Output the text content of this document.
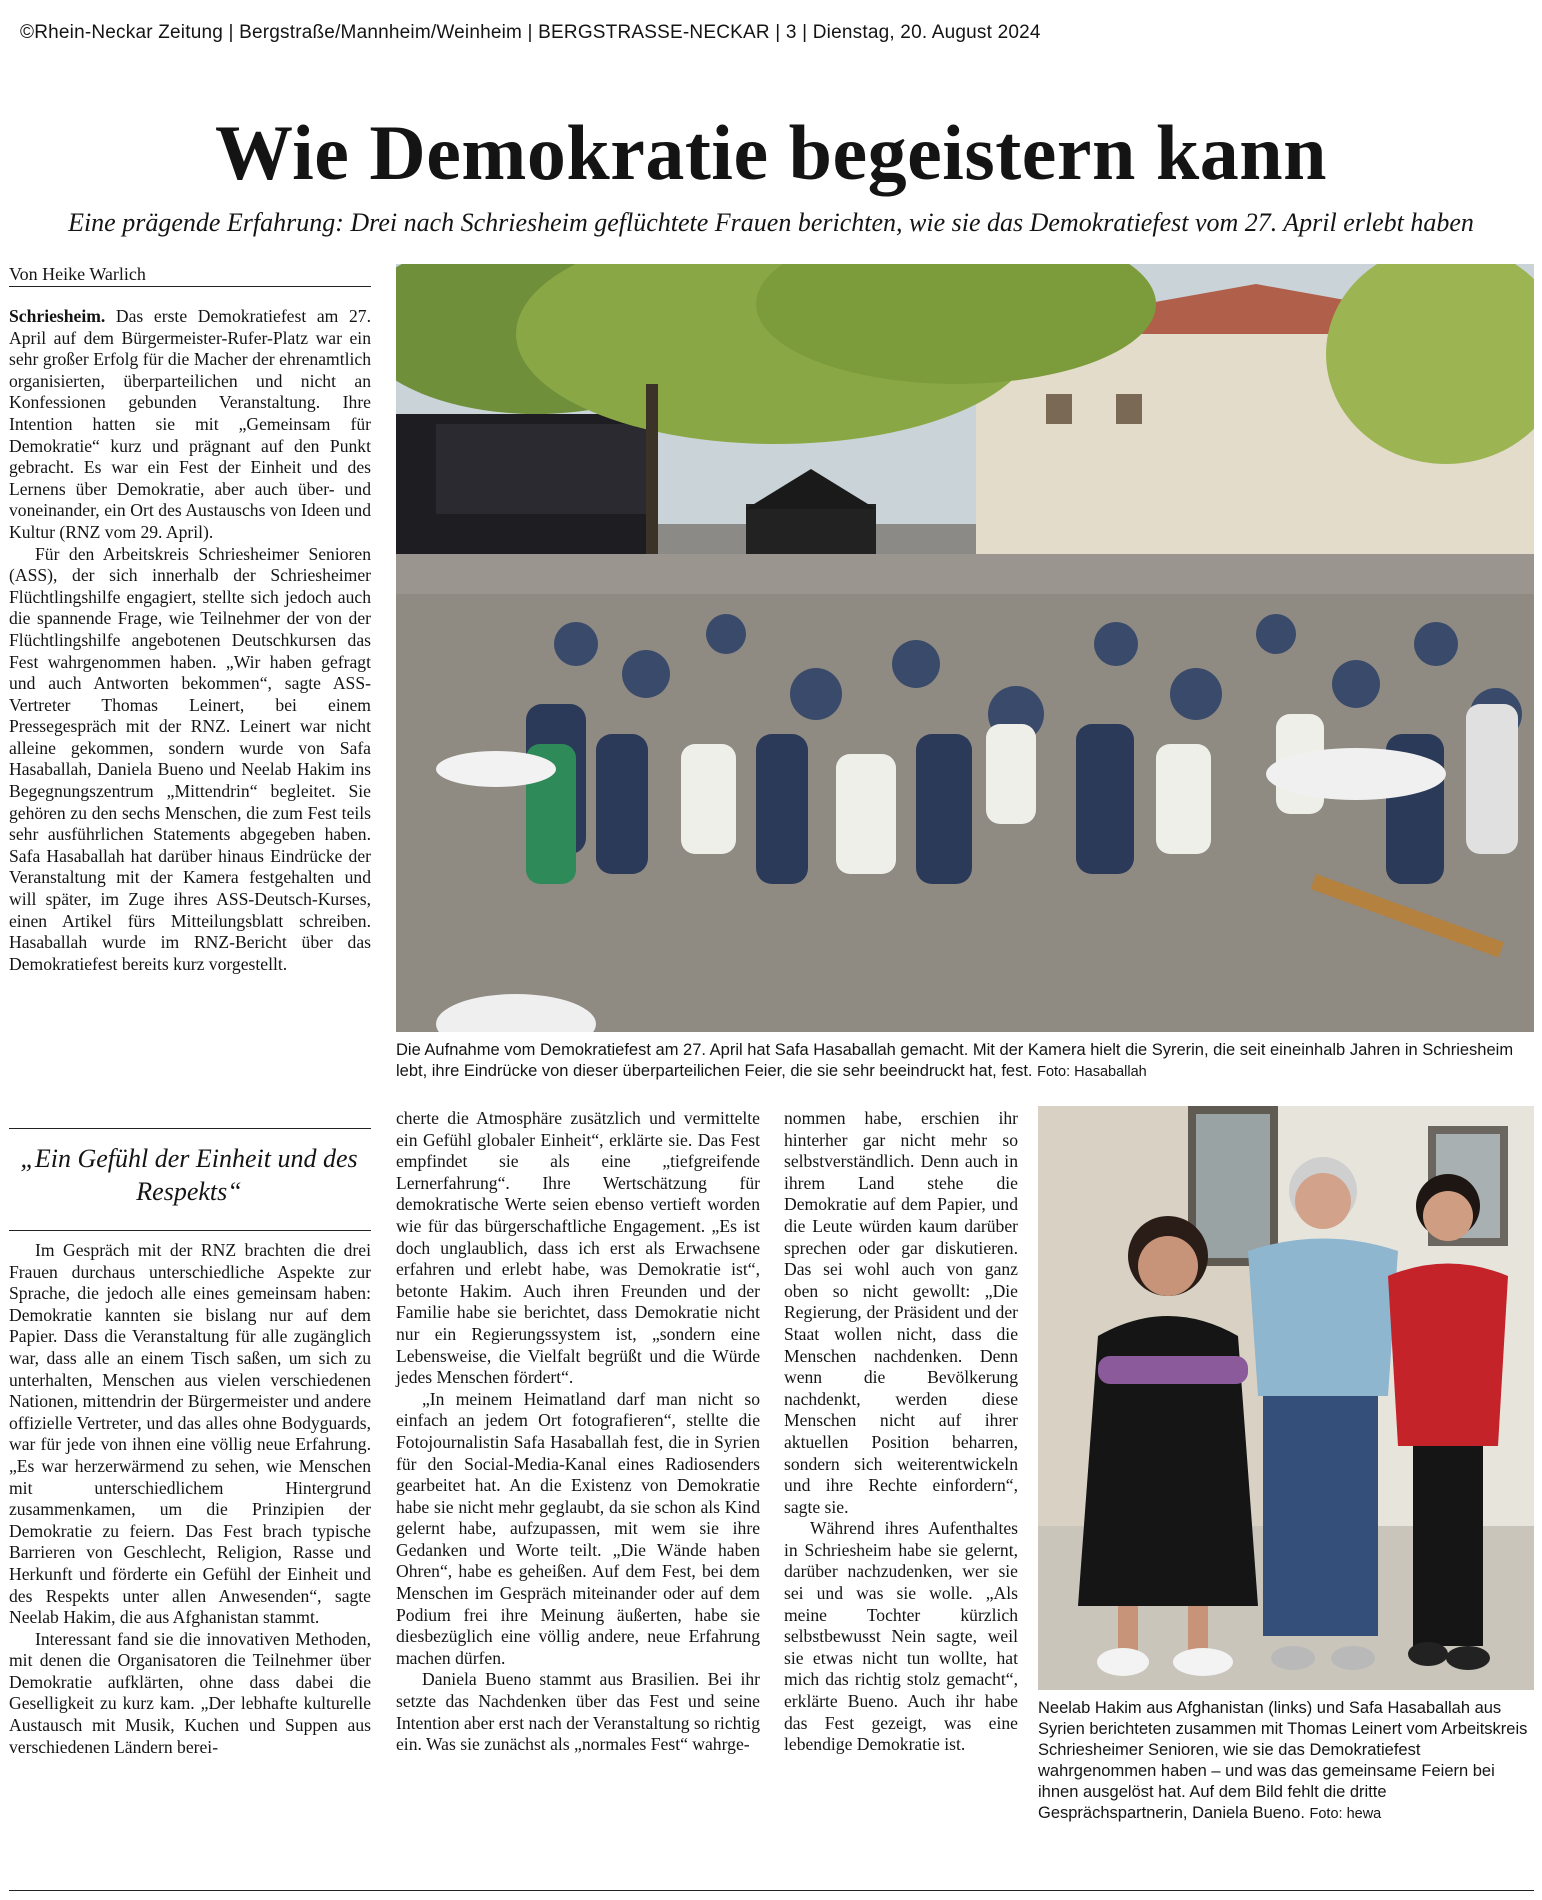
©Rhein-Neckar Zeitung | Bergstraße/Mannheim/Weinheim | BERGSTRASSE-NECKAR | 3 | Dienstag, 20. August 2024
Wie Demokratie begeistern kann
Eine prägende Erfahrung: Drei nach Schriesheim geflüchtete Frauen berichten, wie sie das Demokratiefest vom 27. April erlebt haben
Von Heike Warlich

Schriesheim. Das erste Demokratiefest am 27. April auf dem Bürgermeister-Rufer-Platz war ein sehr großer Erfolg für die Macher der ehrenamtlich organisierten, überparteilichen und nicht an Konfessionen gebunden Veranstaltung. Ihre Intention hatten sie mit „Gemeinsam für Demokratie“ kurz und prägnant auf den Punkt gebracht. Es war ein Fest der Einheit und des Lernens über Demokratie, aber auch über- und voneinander, ein Ort des Austauschs von Ideen und Kultur (RNZ vom 29. April).

Für den Arbeitskreis Schriesheimer Senioren (ASS), der sich innerhalb der Schriesheimer Flüchtlingshilfe engagiert, stellte sich jedoch auch die spannende Frage, wie Teilnehmer der von der Flüchtlingshilfe angebotenen Deutschkursen das Fest wahrgenommen haben. „Wir haben gefragt und auch Antworten bekommen“, sagte ASS-Vertreter Thomas Leinert, bei einem Pressegespräch mit der RNZ. Leinert war nicht alleine gekommen, sondern wurde von Safa Hasaballah, Daniela Bueno und Neelab Hakim ins Begegnungszentrum „Mittendrin“ begleitet. Sie gehören zu den sechs Menschen, die zum Fest teils sehr ausführlichen Statements abgegeben haben. Safa Hasaballah hat darüber hinaus Eindrücke der Veranstaltung mit der Kamera festgehalten und will später, im Zuge ihres ASS-Deutsch-Kurses, einen Artikel fürs Mitteilungsblatt schreiben. Hasaballah wurde im RNZ-Bericht über das Demokratiefest bereits kurz vorgestellt.

„Ein Gefühl der Einheit und des Respekts“

Im Gespräch mit der RNZ brachten die drei Frauen durchaus unterschiedliche Aspekte zur Sprache, die jedoch alle eines gemeinsam haben: Demokratie kannten sie bislang nur auf dem Papier. Dass die Veranstaltung für alle zugänglich war, dass alle an einem Tisch saßen, um sich zu unterhalten, Menschen aus vielen verschiedenen Nationen, mittendrin der Bürgermeister und andere offizielle Vertreter, und das alles ohne Bodyguards, war für jede von ihnen eine völlig neue Erfahrung. „Es war herzerwärmend zu sehen, wie Menschen mit unterschiedlichem Hintergrund zusammenkamen, um die Prinzipien der Demokratie zu feiern. Das Fest brach typische Barrieren von Geschlecht, Religion, Rasse und Herkunft und förderte ein Gefühl der Einheit und des Respekts unter allen Anwesenden“, sagte Neelab Hakim, die aus Afghanistan stammt.

Interessant fand sie die innovativen Methoden, mit denen die Organisatoren die Teilnehmer über Demokratie aufklärten, ohne dass dabei die Geselligkeit zu kurz kam. „Der lebhafte kulturelle Austausch mit Musik, Kuchen und Suppen aus verschiedenen Ländern berei-

Die Aufnahme vom Demokratiefest am 27. April hat Safa Hasaballah gemacht. Mit der Kamera hielt die Syrerin, die seit eineinhalb Jahren in Schriesheim lebt, ihre Eindrücke von dieser überparteilichen Feier, die sie sehr beeindruckt hat, fest. Foto: Hasaballah

cherte die Atmosphäre zusätzlich und vermittelte ein Gefühl globaler Einheit“, erklärte sie. Das Fest empfindet sie als eine „tiefgreifende Lernerfahrung“. Ihre Wertschätzung für demokratische Werte seien ebenso vertieft worden wie für das bürgerschaftliche Engagement. „Es ist doch unglaublich, dass ich erst als Erwachsene erfahren und erlebt habe, was Demokratie ist“, betonte Hakim. Auch ihren Freunden und der Familie habe sie berichtet, dass Demokratie nicht nur ein Regierungssystem ist, „sondern eine Lebensweise, die Vielfalt begrüßt und die Würde jedes Menschen fördert“.

„In meinem Heimatland darf man nicht so einfach an jedem Ort fotografieren“, stellte die Fotojournalistin Safa Hasaballah fest, die in Syrien für den Social-Media-Kanal eines Radiosenders gearbeitet hat. An die Existenz von Demokratie habe sie nicht mehr geglaubt, da sie schon als Kind gelernt habe, aufzupassen, mit wem sie ihre Gedanken und Worte teilt. „Die Wände haben Ohren“, habe es geheißen. Auf dem Fest, bei dem Menschen im Gespräch miteinander oder auf dem Podium frei ihre Meinung äußerten, habe sie diesbezüglich eine völlig andere, neue Erfahrung machen dürfen.

Daniela Bueno stammt aus Brasilien. Bei ihr setzte das Nachdenken über das Fest und seine Intention aber erst nach der Veranstaltung so richtig ein. Was sie zunächst als „normales Fest“ wahrge-

nommen habe, erschien ihr hinterher gar nicht mehr so selbstverständlich. Denn auch in ihrem Land stehe die Demokratie auf dem Papier, und die Leute würden kaum darüber sprechen oder gar diskutieren. Das sei wohl auch von ganz oben so nicht gewollt: „Die Regierung, der Präsident und der Staat wollen nicht, dass die Menschen nachdenken. Denn wenn die Bevölkerung nachdenkt, werden diese Menschen nicht auf ihrer aktuellen Position beharren, sondern sich weiterentwickeln und ihre Rechte einfordern“, sagte sie.

Während ihres Aufenthaltes in Schriesheim habe sie gelernt, darüber nachzudenken, wer sie sei und was sie wolle. „Als meine Tochter kürzlich selbstbewusst Nein sagte, weil sie etwas nicht tun wollte, hat mich das richtig stolz gemacht“, erklärte Bueno. Auch ihr habe das Fest gezeigt, was eine lebendige Demokratie ist.

Neelab Hakim aus Afghanistan (links) und Safa Hasaballah aus Syrien berichteten zusammen mit Thomas Leinert vom Arbeitskreis Schriesheimer Senioren, wie sie das Demokratiefest wahrgenommen haben – und was das gemeinsame Feiern bei ihnen ausgelöst hat. Auf dem Bild fehlt die dritte Gesprächspartnerin, Daniela Bueno. Foto: hewa
